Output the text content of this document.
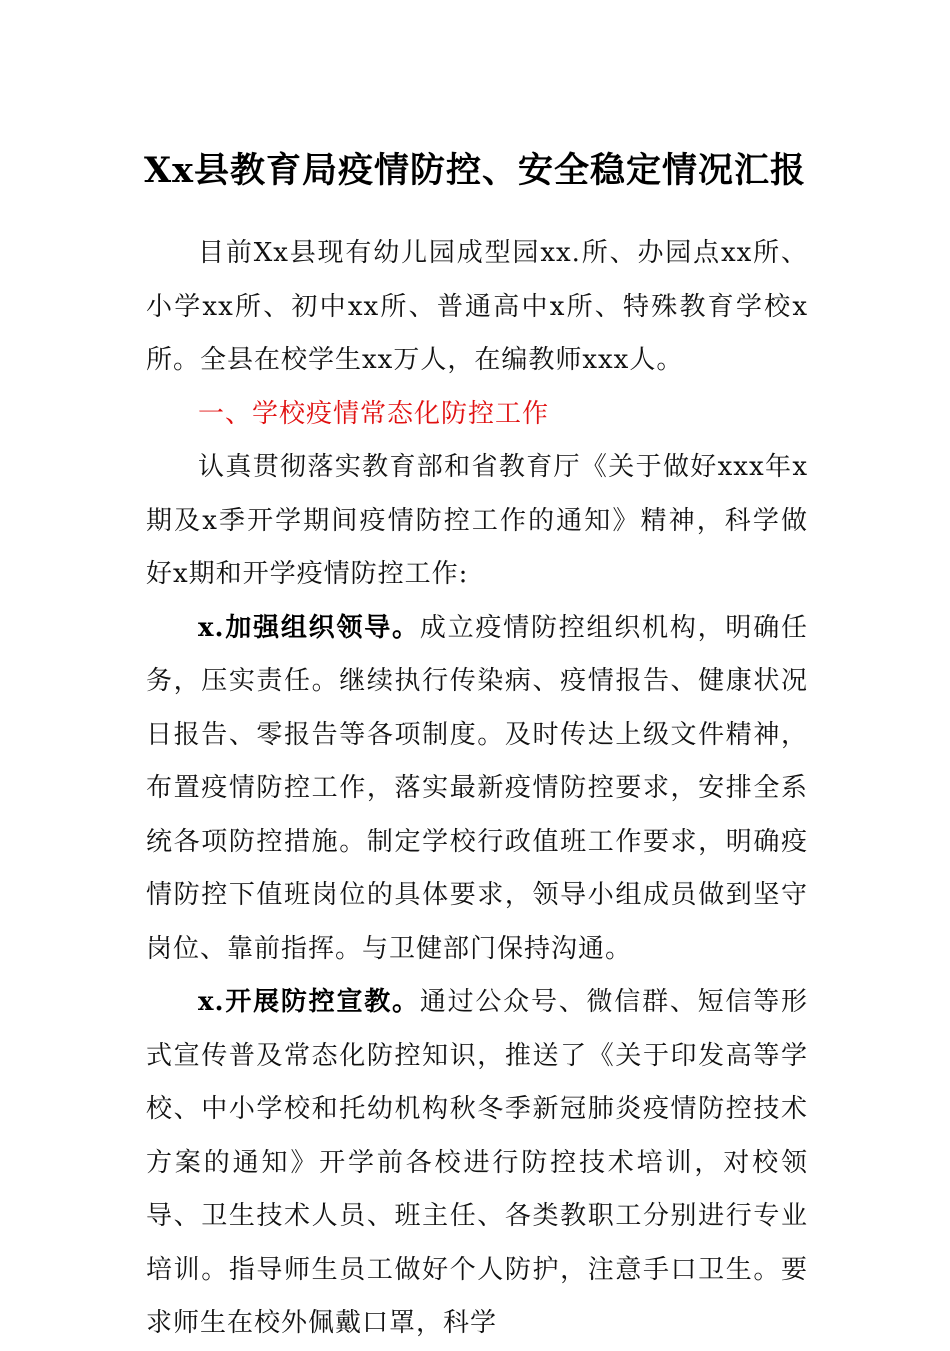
Xx县教育局疫情防控、安全稳定情况汇报

目前Xx县现有幼儿园成型园xx.所、办园点xx所、小学xx所、初中xx所、普通高中x所、特殊教育学校x所。全县在校学生xx万人，在编教师xxx人。

一、学校疫情常态化防控工作

认真贯彻落实教育部和省教育厅《关于做好xxx年x期及x季开学期间疫情防控工作的通知》精神，科学做好x期和开学疫情防控工作:

x.加强组织领导。成立疫情防控组织机构，明确任务，压实责任。继续执行传染病、疫情报告、健康状况日报告、零报告等各项制度。及时传达上级文件精神，布置疫情防控工作，落实最新疫情防控要求，安排全系统各项防控措施。制定学校行政值班工作要求，明确疫情防控下值班岗位的具体要求，领导小组成员做到坚守岗位、靠前指挥。与卫健部门保持沟通。

x.开展防控宣教。通过公众号、微信群、短信等形式宣传普及常态化防控知识，推送了《关于印发高等学校、中小学校和托幼机构秋冬季新冠肺炎疫情防控技术方案的通知》开学前各校进行防控技术培训，对校领导、卫生技术人员、班主任、各类教职工分别进行专业培训。指导师生员工做好个人防护，注意手口卫生。要求师生在校外佩戴口罩，科学
